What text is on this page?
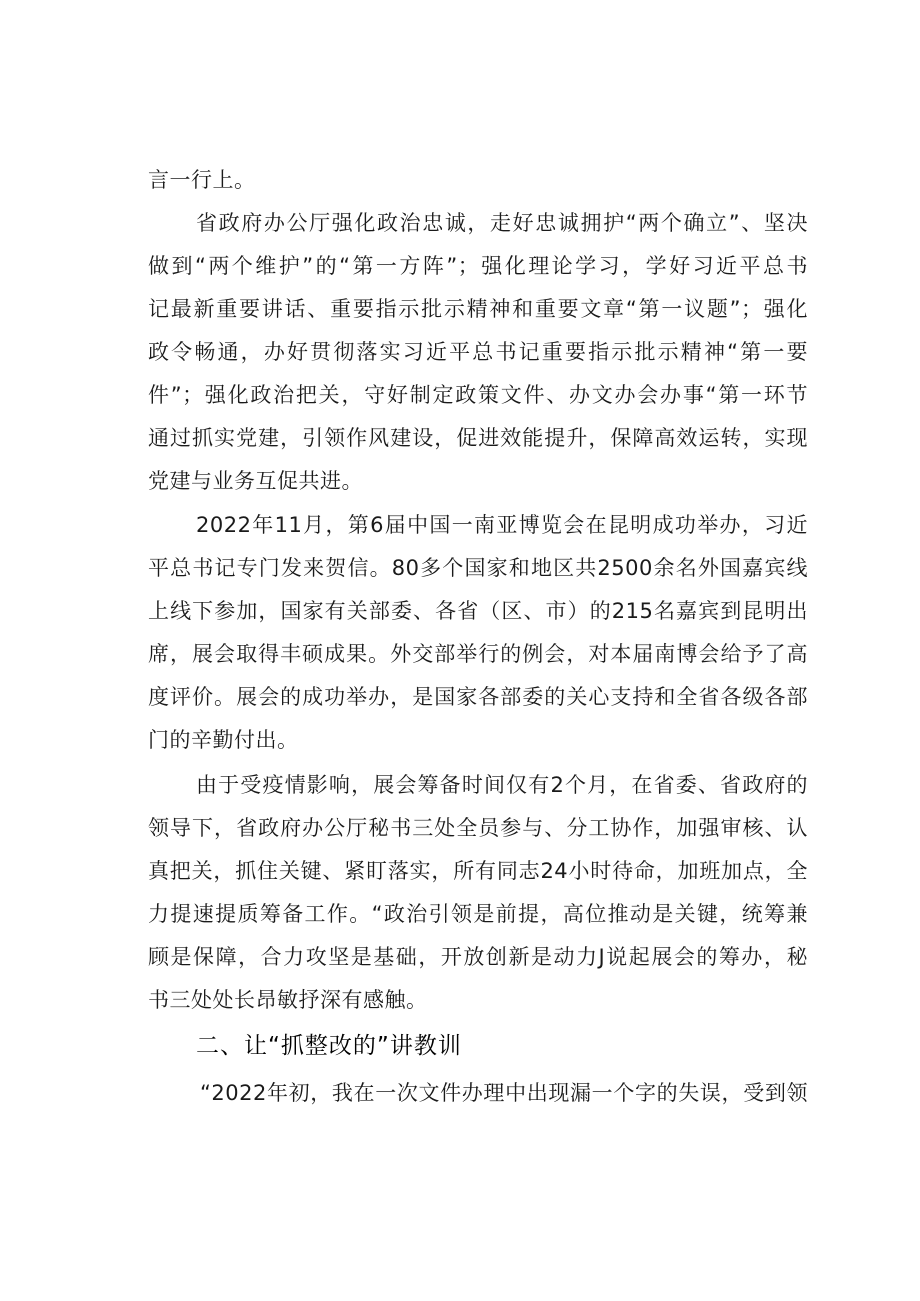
言一行上。
省政府办公厅强化政治忠诚，走好忠诚拥护“两个确立”、坚决
做到“两个维护”的“第一方阵”；强化理论学习，学好习近平总书
记最新重要讲话、重要指示批示精神和重要文章“第一议题”；强化
政令畅通，办好贯彻落实习近平总书记重要指示批示精神“第一要
件”；强化政治把关，守好制定政策文件、办文办会办事“第一环节
通过抓实党建，引领作风建设，促进效能提升，保障高效运转，实现
党建与业务互促共进。
2022年11月，第6届中国一南亚博览会在昆明成功举办，习近
平总书记专门发来贺信。80多个国家和地区共2500余名外国嘉宾线
上线下参加，国家有关部委、各省（区、市）的215名嘉宾到昆明出
席，展会取得丰硕成果。外交部举行的例会，对本届南博会给予了高
度评价。展会的成功举办，是国家各部委的关心支持和全省各级各部
门的辛勤付出。
由于受疫情影响，展会筹备时间仅有2个月，在省委、省政府的
领导下，省政府办公厅秘书三处全员参与、分工协作，加强审核、认
真把关，抓住关键、紧盯落实，所有同志24小时待命，加班加点，全
力提速提质筹备工作。“政治引领是前提，高位推动是关键，统筹兼
顾是保障，合力攻坚是基础，开放创新是动力J说起展会的筹办，秘
书三处处长昂敏抒深有感触。
二、让“抓整改的”讲教训
“2022年初，我在一次文件办理中出现漏一个字的失误，受到领
